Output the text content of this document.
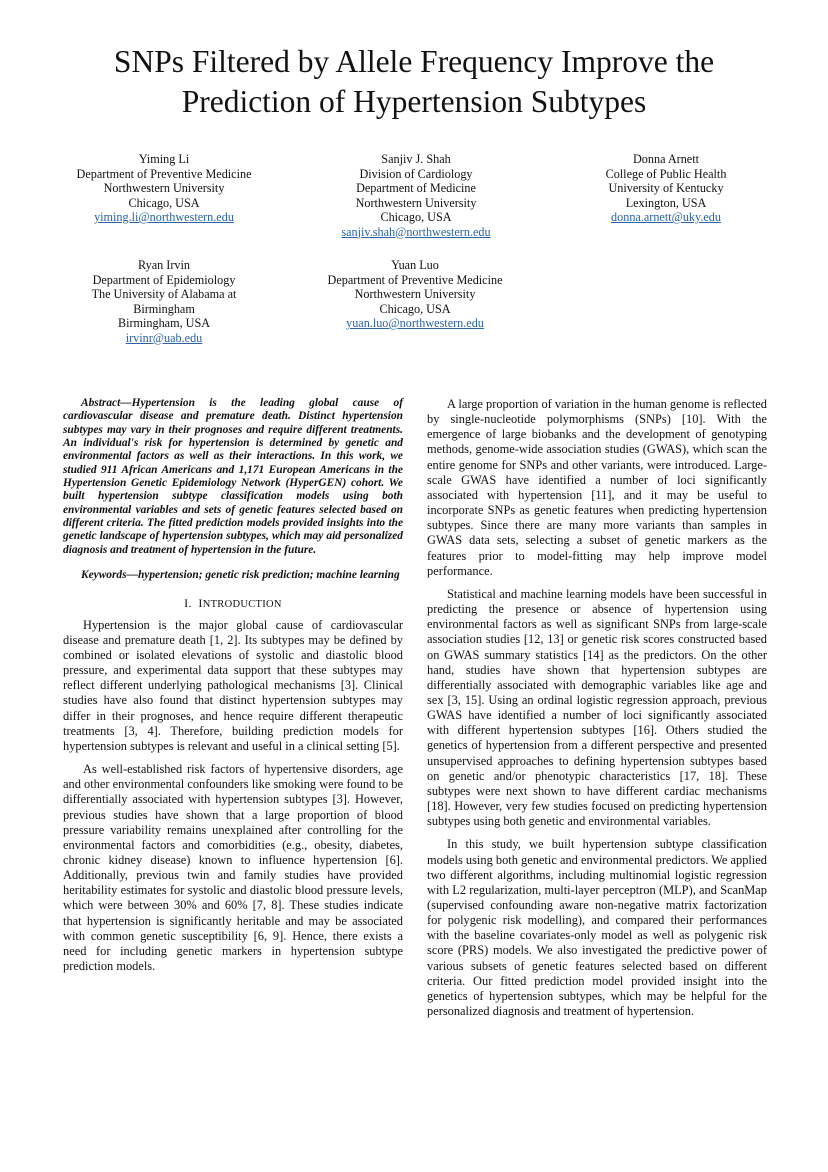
SNPs Filtered by Allele Frequency Improve the
Prediction of Hypertension Subtypes
Yiming Li
Department of Preventive Medicine
Northwestern University
Chicago, USA
yiming.li@northwestern.edu
Sanjiv J. Shah
Division of Cardiology
Department of Medicine
Northwestern University
Chicago, USA
sanjiv.shah@northwestern.edu
Donna Arnett
College of Public Health
University of Kentucky
Lexington, USA
donna.arnett@uky.edu
Ryan Irvin
Department of Epidemiology
The University of Alabama at
Birmingham
Birmingham, USA
irvinr@uab.edu
Yuan Luo
Department of Preventive Medicine
Northwestern University
Chicago, USA
yuan.luo@northwestern.edu

Abstract—Hypertension is the leading global cause of cardiovascular disease and premature death. Distinct hypertension subtypes may vary in their prognoses and require different treatments. An individual's risk for hypertension is determined by genetic and environmental factors as well as their interactions. In this work, we studied 911 African Americans and 1,171 European Americans in the Hypertension Genetic Epidemiology Network (HyperGEN) cohort. We built hypertension subtype classification models using both environmental variables and sets of genetic features selected based on different criteria. The fitted prediction models provided insights into the genetic landscape of hypertension subtypes, which may aid personalized diagnosis and treatment of hypertension in the future.

Keywords—hypertension; genetic risk prediction; machine learning

I. INTRODUCTION

Hypertension is the major global cause of cardiovascular disease and premature death [1, 2]. Its subtypes may be defined by combined or isolated elevations of systolic and diastolic blood pressure, and experimental data support that these subtypes may reflect different underlying pathological mechanisms [3]. Clinical studies have also found that distinct hypertension subtypes may differ in their prognoses, and hence require different therapeutic treatments [3, 4]. Therefore, building prediction models for hypertension subtypes is relevant and useful in a clinical setting [5].

As well-established risk factors of hypertensive disorders, age and other environmental confounders like smoking were found to be differentially associated with hypertension subtypes [3]. However, previous studies have shown that a large proportion of blood pressure variability remains unexplained after controlling for the environmental factors and comorbidities (e.g., obesity, diabetes, chronic kidney disease) known to influence hypertension [6]. Additionally, previous twin and family studies have provided heritability estimates for systolic and diastolic blood pressure levels, which were between 30% and 60% [7, 8]. These studies indicate that hypertension is significantly heritable and may be associated with common genetic susceptibility [6, 9]. Hence, there exists a need for including genetic markers in hypertension subtype prediction models.

A large proportion of variation in the human genome is reflected by single-nucleotide polymorphisms (SNPs) [10]. With the emergence of large biobanks and the development of genotyping methods, genome-wide association studies (GWAS), which scan the entire genome for SNPs and other variants, were introduced. Large-scale GWAS have identified a number of loci significantly associated with hypertension [11], and it may be useful to incorporate SNPs as genetic features when predicting hypertension subtypes. Since there are many more variants than samples in GWAS data sets, selecting a subset of genetic markers as the features prior to model-fitting may help improve model performance.

Statistical and machine learning models have been successful in predicting the presence or absence of hypertension using environmental factors as well as significant SNPs from large-scale association studies [12, 13] or genetic risk scores constructed based on GWAS summary statistics [14] as the predictors. On the other hand, studies have shown that hypertension subtypes are differentially associated with demographic variables like age and sex [3, 15]. Using an ordinal logistic regression approach, previous GWAS have identified a number of loci significantly associated with different hypertension subtypes [16]. Others studied the genetics of hypertension from a different perspective and presented unsupervised approaches to defining hypertension subtypes based on genetic and/or phenotypic characteristics [17, 18]. These subtypes were next shown to have different cardiac mechanisms [18]. However, very few studies focused on predicting hypertension subtypes using both genetic and environmental variables.

In this study, we built hypertension subtype classification models using both genetic and environmental predictors. We applied two different algorithms, including multinomial logistic regression with L2 regularization, multi-layer perceptron (MLP), and ScanMap (supervised confounding aware non-negative matrix factorization for polygenic risk modelling), and compared their performances with the baseline covariates-only model as well as polygenic risk score (PRS) models. We also investigated the predictive power of various subsets of genetic features selected based on different criteria. Our fitted prediction model provided insight into the genetics of hypertension subtypes, which may be helpful for the personalized diagnosis and treatment of hypertension.
